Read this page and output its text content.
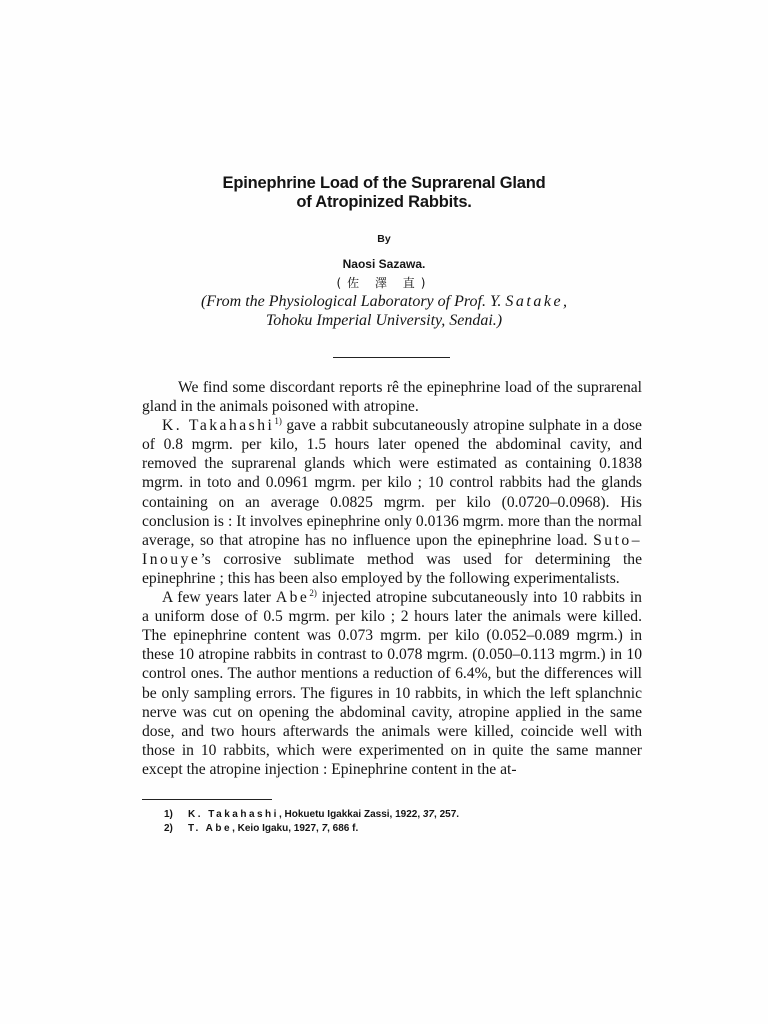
Epinephrine Load of the Suprarenal Gland
of Atropinized Rabbits.
By
Naosi Sazawa.
(佐 澤 直)
(From the Physiological Laboratory of Prof. Y. Satake,
Tohoku Imperial University, Sendai.)

We find some discordant reports rê the epinephrine load of the suprarenal gland in the animals poisoned with atropine.

K. Takahashi$^{1)}$ gave a rabbit subcutaneously atropine sulphate in a dose of 0.8 mgrm. per kilo, 1.5 hours later opened the abdominal cavity, and removed the suprarenal glands which were estimated as containing 0.1838 mgrm. in toto and 0.0961 mgrm. per kilo ; 10 control rabbits had the glands containing on an average 0.0825 mgrm. per kilo (0.0720–0.0968). His conclusion is : It involves epinephrine only 0.0136 mgrm. more than the normal average, so that atropine has no influence upon the epinephrine load. Suto–Inouye’s corrosive sublimate method was used for determining the epinephrine ; this has been also employed by the following experimentalists.

A few years later Abe$^{2)}$ injected atropine subcutaneously into 10 rabbits in a uniform dose of 0.5 mgrm. per kilo ; 2 hours later the animals were killed. The epinephrine content was 0.073 mgrm. per kilo (0.052–0.089 mgrm.) in these 10 atropine rabbits in contrast to 0.078 mgrm. (0.050–0.113 mgrm.) in 10 control ones. The author mentions a reduction of 6.4%, but the differences will be only sampling errors. The figures in 10 rabbits, in which the left splanchnic nerve was cut on opening the abdominal cavity, atropine applied in the same dose, and two hours afterwards the animals were killed, coincide well with those in 10 rabbits, which were experimented on in quite the same manner except the atropine injection : Epinephrine content in the at-

1) K. Takahashi, Hokuetu Igakkai Zassi, 1922, 37, 257.
2) T. Abe, Keio Igaku, 1927, 7, 686 f.
